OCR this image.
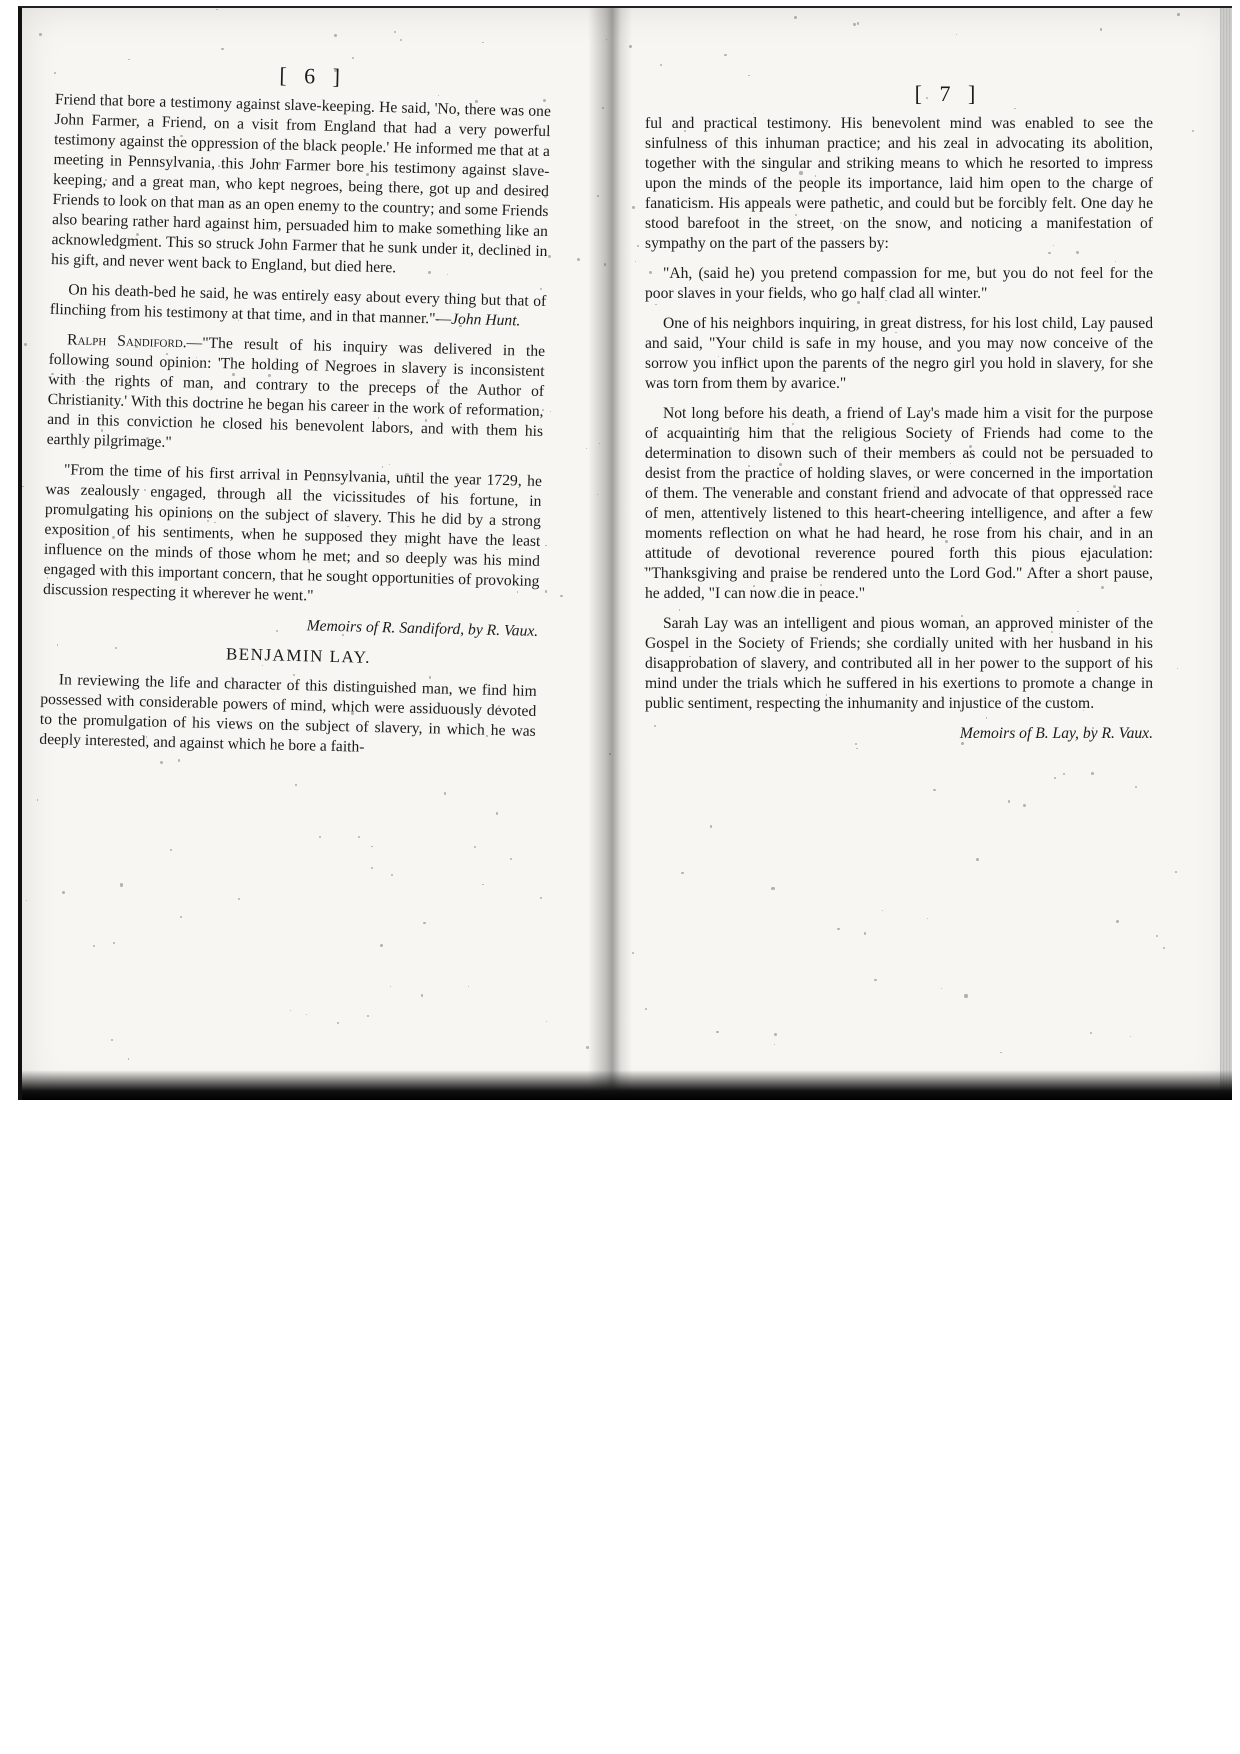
[ 6 ]

Friend that bore a testimony against slave-keeping. He said, 'No, there was one John Farmer, a Friend, on a visit from England that had a very powerful testimony against the oppression of the black people.' He informed me that at a meeting in Pennsylvania, this John Farmer bore his testimony against slave-keeping, and a great man, who kept negroes, being there, got up and desired Friends to look on that man as an open enemy to the country; and some Friends also bearing rather hard against him, persuaded him to make something like an acknowledgment. This so struck John Farmer that he sunk under it, declined in his gift, and never went back to England, but died here.

On his death-bed he said, he was entirely easy about every thing but that of flinching from his testimony at that time, and in that manner."—John Hunt.

Ralph Sandiford.—"The result of his inquiry was delivered in the following sound opinion: 'The holding of Negroes in slavery is inconsistent with the rights of man, and contrary to the preceps of the Author of Christianity.' With this doctrine he began his career in the work of reformation, and in this conviction he closed his benevolent labors, and with them his earthly pilgrimage."

"From the time of his first arrival in Pennsylvania, until the year 1729, he was zealously engaged, through all the vicissitudes of his fortune, in promulgating his opinions on the subject of slavery. This he did by a strong exposition of his sentiments, when he supposed they might have the least influence on the minds of those whom he met; and so deeply was his mind engaged with this important concern, that he sought opportunities of provoking discussion respecting it wherever he went."

Memoirs of R. Sandiford, by R. Vaux.

BENJAMIN LAY.

In reviewing the life and character of this distinguished man, we find him possessed with considerable powers of mind, which were assiduously devoted to the promulgation of his views on the subject of slavery, in which he was deeply interested, and against which he bore a faith-

[ 7 ]

ful and practical testimony. His benevolent mind was enabled to see the sinfulness of this inhuman practice; and his zeal in advocating its abolition, together with the singular and striking means to which he resorted to impress upon the minds of the people its importance, laid him open to the charge of fanaticism. His appeals were pathetic, and could but be forcibly felt. One day he stood barefoot in the street, on the snow, and noticing a manifestation of sympathy on the part of the passers by:

"Ah, (said he) you pretend compassion for me, but you do not feel for the poor slaves in your fields, who go half clad all winter."

One of his neighbors inquiring, in great distress, for his lost child, Lay paused and said, "Your child is safe in my house, and you may now conceive of the sorrow you inflict upon the parents of the negro girl you hold in slavery, for she was torn from them by avarice."

Not long before his death, a friend of Lay's made him a visit for the purpose of acquainting him that the religious Society of Friends had come to the determination to disown such of their members as could not be persuaded to desist from the practice of holding slaves, or were concerned in the importation of them. The venerable and constant friend and advocate of that oppressed race of men, attentively listened to this heart-cheering intelligence, and after a few moments reflection on what he had heard, he rose from his chair, and in an attitude of devotional reverence poured forth this pious ejaculation: "Thanksgiving and praise be rendered unto the Lord God." After a short pause, he added, "I can now die in peace."

Sarah Lay was an intelligent and pious woman, an approved minister of the Gospel in the Society of Friends; she cordially united with her husband in his disapprobation of slavery, and contributed all in her power to the support of his mind under the trials which he suffered in his exertions to promote a change in public sentiment, respecting the inhumanity and injustice of the custom.

Memoirs of B. Lay, by R. Vaux.
